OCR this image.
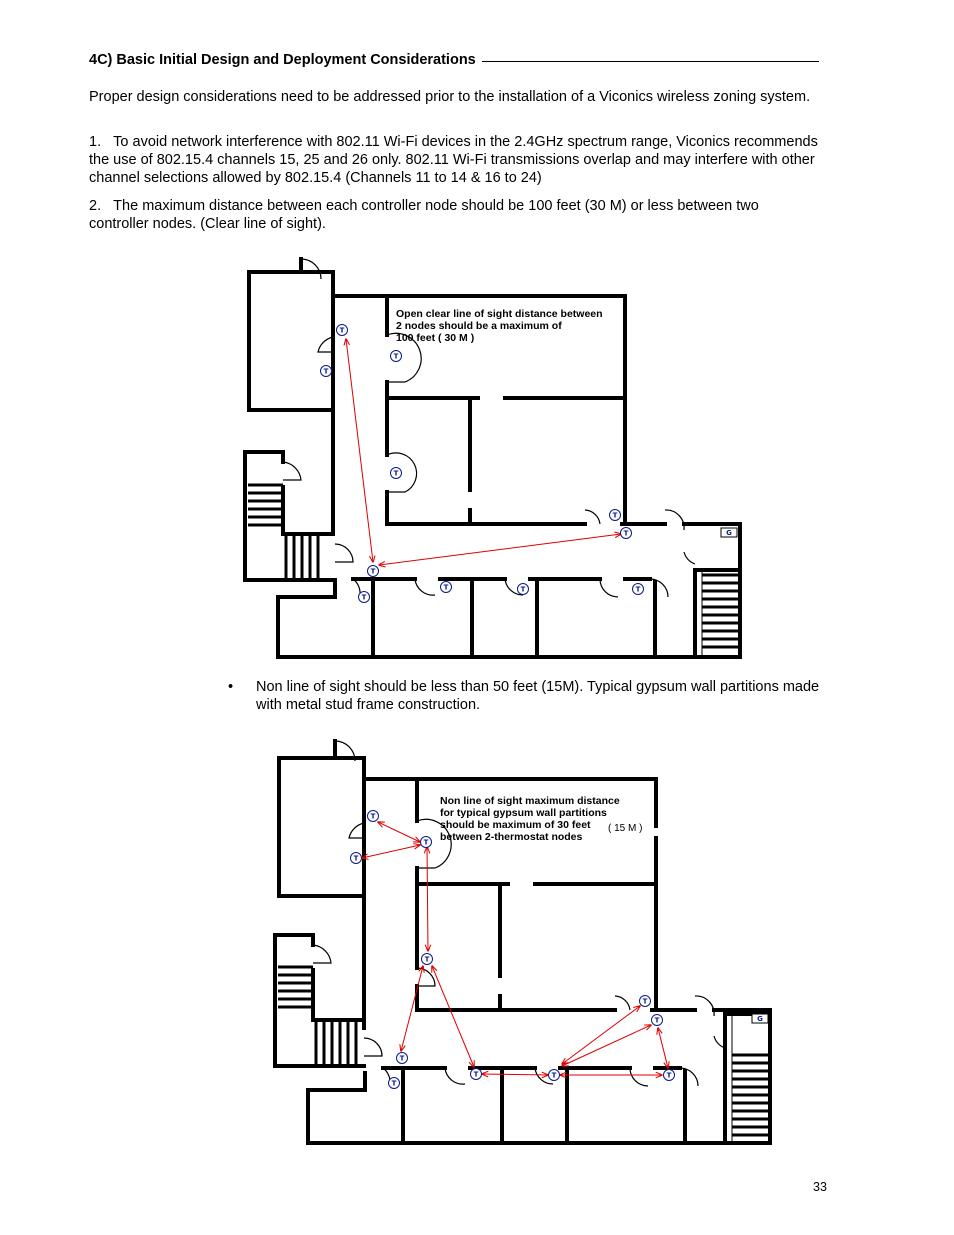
4C) Basic Initial Design and Deployment Considerations
Proper design considerations need to be addressed prior to the installation of a Viconics wireless zoning system.
1.   To avoid network interference with 802.11 Wi-Fi devices in the 2.4GHz spectrum range, Viconics recommends the use of 802.15.4 channels 15, 25 and 26 only. 802.11 Wi-Fi transmissions overlap and may interfere with other channel selections allowed by 802.15.4 (Channels 11 to 14 & 16 to 24)
2.   The maximum distance between each controller node should be 100 feet (30 M) or less between two controller nodes. (Clear line of sight).
T
T
T
T
T
T
T
T
T	T	T
G
Open clear line of sight distance between
2 nodes should be a maximum of
100 feet ( 30 M )
• Non line of sight should be less than 50 feet (15M). Typical gypsum wall partitions made with metal stud frame construction.
T
T
T
T
T
T
T
T
T	T	T
G
Non line of sight maximum distance
for typical gypsum wall partitions
should be maximum of 30 feet ( 15 M )
between 2-thermostat nodes
33
